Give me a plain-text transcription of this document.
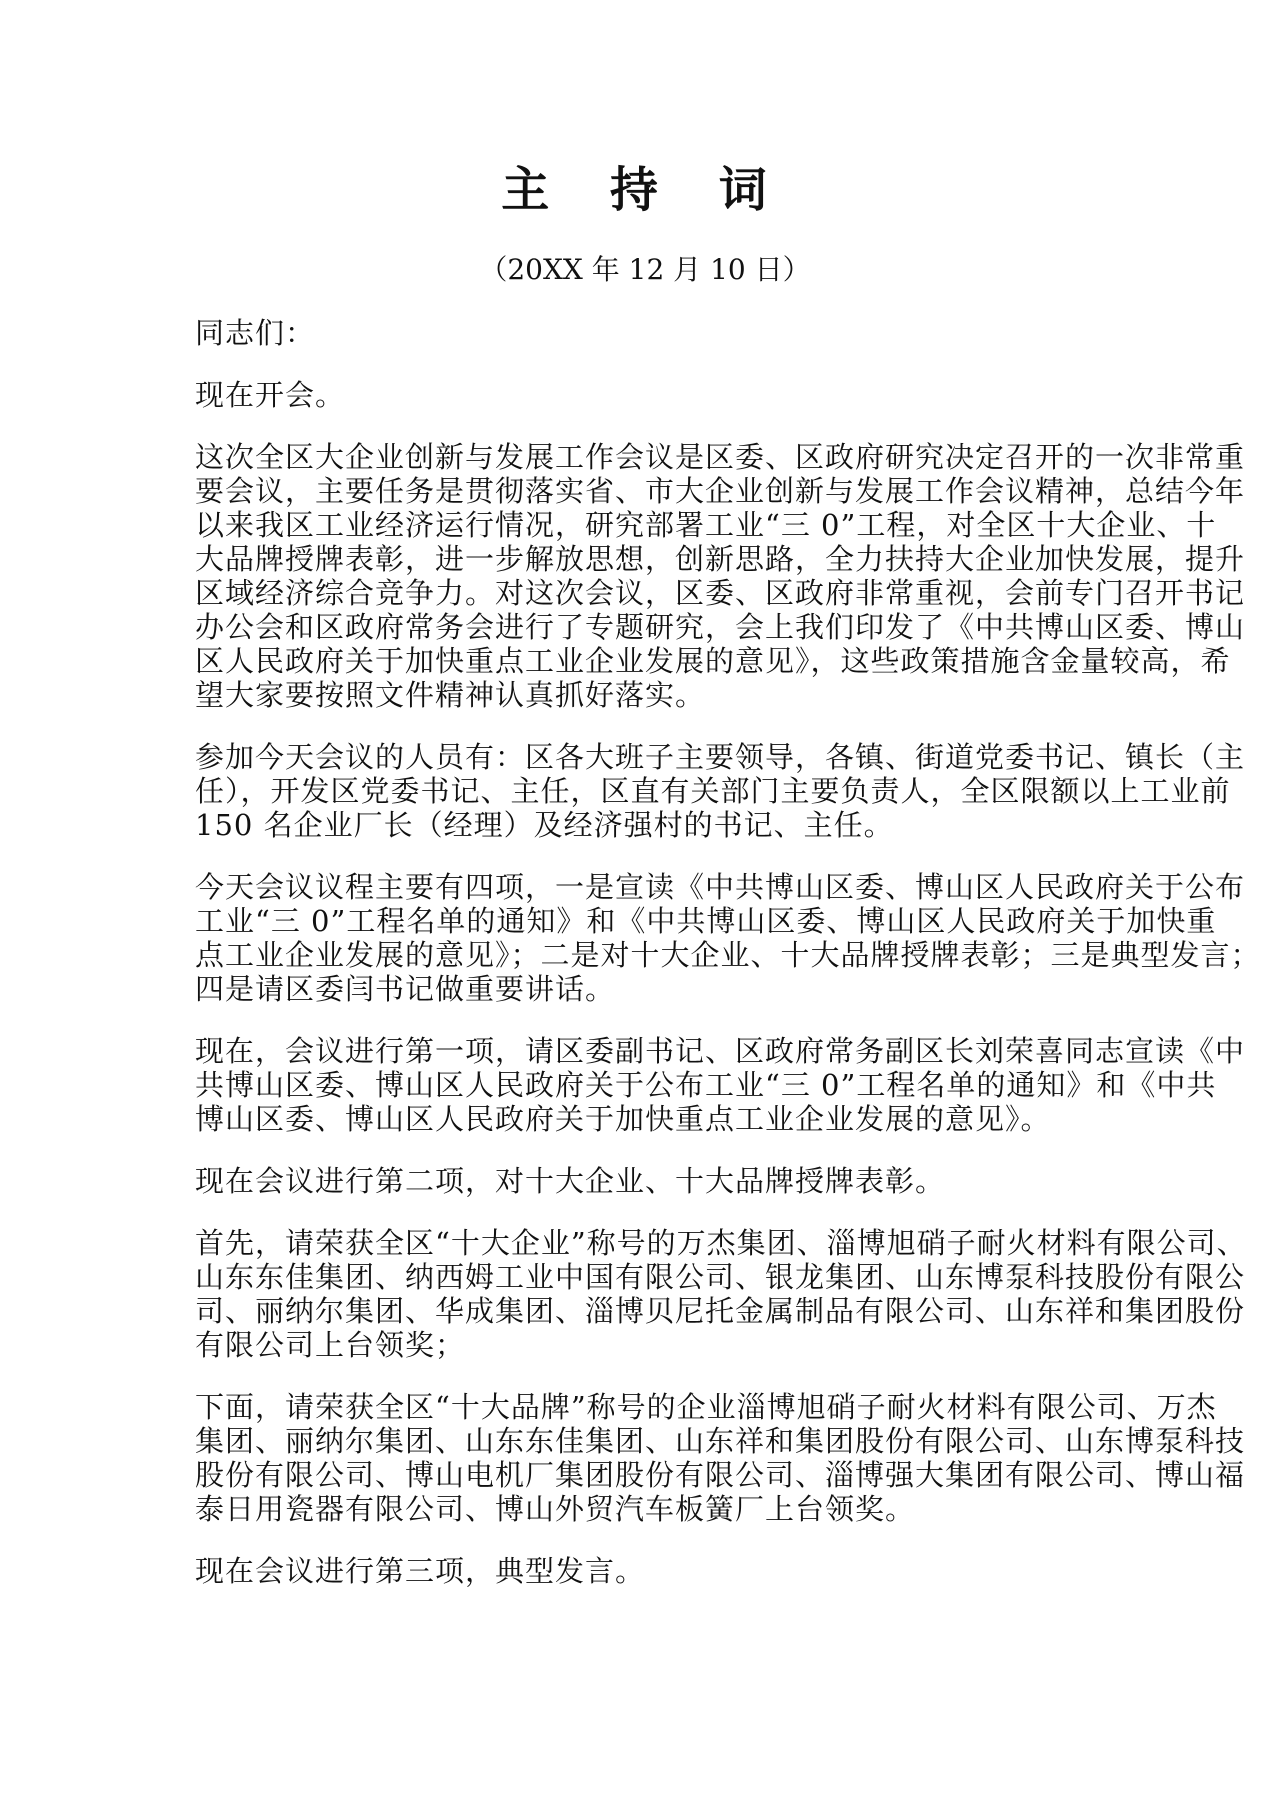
主 持 词
（20XX 年 12 月 10 日）
同志们：
现在开会。
这次全区大企业创新与发展工作会议是区委、区政府研究决定召开的一次非常重
要会议，主要任务是贯彻落实省、市大企业创新与发展工作会议精神，总结今年
以来我区工业经济运行情况，研究部署工业“三 0”工程，对全区十大企业、十
大品牌授牌表彰，进一步解放思想，创新思路，全力扶持大企业加快发展，提升
区域经济综合竞争力。对这次会议，区委、区政府非常重视，会前专门召开书记
办公会和区政府常务会进行了专题研究，会上我们印发了《中共博山区委、博山
区人民政府关于加快重点工业企业发展的意见》，这些政策措施含金量较高，希
望大家要按照文件精神认真抓好落实。
参加今天会议的人员有：区各大班子主要领导，各镇、街道党委书记、镇长（主
任），开发区党委书记、主任，区直有关部门主要负责人，全区限额以上工业前
150 名企业厂长（经理）及经济强村的书记、主任。
今天会议议程主要有四项，一是宣读《中共博山区委、博山区人民政府关于公布
工业“三 0”工程名单的通知》和《中共博山区委、博山区人民政府关于加快重
点工业企业发展的意见》；二是对十大企业、十大品牌授牌表彰；三是典型发言；
四是请区委闫书记做重要讲话。
现在，会议进行第一项，请区委副书记、区政府常务副区长刘荣喜同志宣读《中
共博山区委、博山区人民政府关于公布工业“三 0”工程名单的通知》和《中共
博山区委、博山区人民政府关于加快重点工业企业发展的意见》。
现在会议进行第二项，对十大企业、十大品牌授牌表彰。
首先，请荣获全区“十大企业”称号的万杰集团、淄博旭硝子耐火材料有限公司、
山东东佳集团、纳西姆工业中国有限公司、银龙集团、山东博泵科技股份有限公
司、丽纳尔集团、华成集团、淄博贝尼托金属制品有限公司、山东祥和集团股份
有限公司上台领奖；
下面，请荣获全区“十大品牌”称号的企业淄博旭硝子耐火材料有限公司、万杰
集团、丽纳尔集团、山东东佳集团、山东祥和集团股份有限公司、山东博泵科技
股份有限公司、博山电机厂集团股份有限公司、淄博强大集团有限公司、博山福
泰日用瓷器有限公司、博山外贸汽车板簧厂上台领奖。
现在会议进行第三项，典型发言。
